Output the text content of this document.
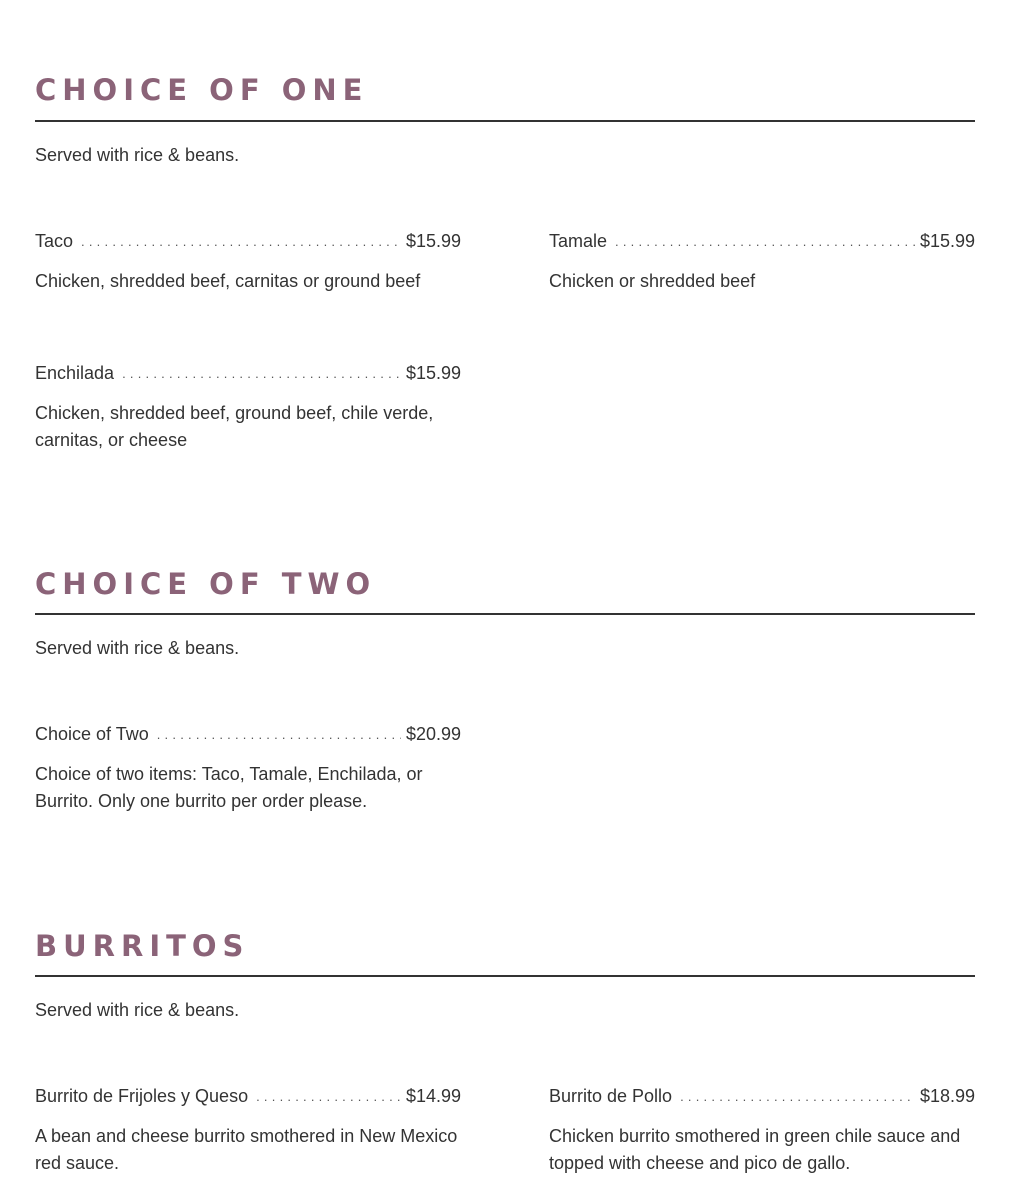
CHOICE OF ONE
Served with rice & beans.
Taco . . .	$15.99
Chicken, shredded beef, carnitas or ground beef
Tamale . . .	$15.99
Chicken or shredded beef
Enchilada . . .	$15.99
Chicken, shredded beef, ground beef, chile verde, carnitas, or cheese
CHOICE OF TWO
Served with rice & beans.
Choice of Two . . .	$20.99
Choice of two items: Taco, Tamale, Enchilada, or Burrito. Only one burrito per order please.
BURRITOS
Served with rice & beans.
Burrito de Frijoles y Queso . . .	$14.99
A bean and cheese burrito smothered in New Mexico red sauce.
Burrito de Pollo . . .	$18.99
Chicken burrito smothered in green chile sauce and topped with cheese and pico de gallo.
